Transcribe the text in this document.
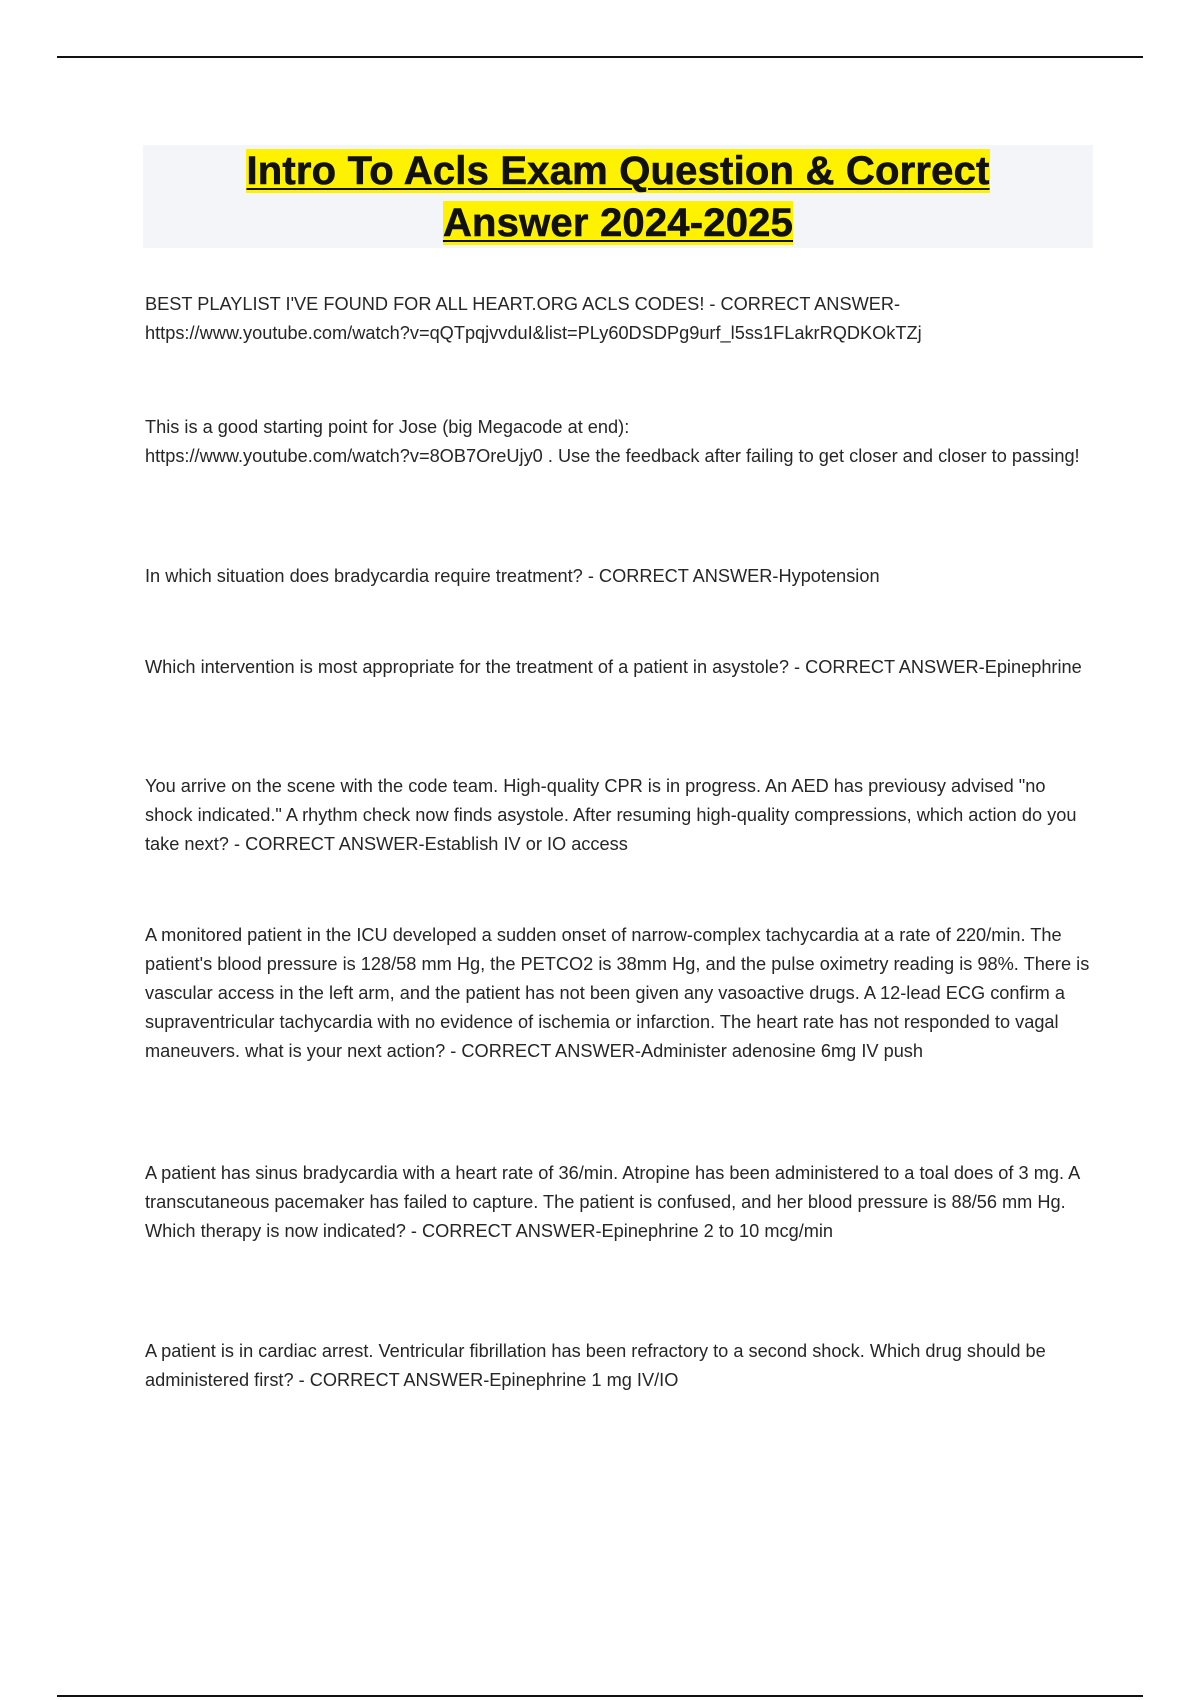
Intro To Acls Exam Question & Correct
Answer 2024-2025

BEST PLAYLIST I'VE FOUND FOR ALL HEART.ORG ACLS CODES! - CORRECT ANSWER-
https://www.youtube.com/watch?v=qQTpqjvvduI&list=PLy60DSDPg9urf_l5ss1FLakrRQDKOkTZj

This is a good starting point for Jose (big Megacode at end):
https://www.youtube.com/watch?v=8OB7OreUjy0 . Use the feedback after failing to get closer and closer to passing!

In which situation does bradycardia require treatment? - CORRECT ANSWER-Hypotension

Which intervention is most appropriate for the treatment of a patient in asystole? - CORRECT ANSWER-Epinephrine

You arrive on the scene with the code team. High-quality CPR is in progress. An AED has previousy advised "no shock indicated." A rhythm check now finds asystole. After resuming high-quality compressions, which action do you take next? - CORRECT ANSWER-Establish IV or IO access

A monitored patient in the ICU developed a sudden onset of narrow-complex tachycardia at a rate of 220/min. The patient's blood pressure is 128/58 mm Hg, the PETCO2 is 38mm Hg, and the pulse oximetry reading is 98%. There is vascular access in the left arm, and the patient has not been given any vasoactive drugs. A 12-lead ECG confirm a supraventricular tachycardia with no evidence of ischemia or infarction. The heart rate has not responded to vagal maneuvers. what is your next action? - CORRECT ANSWER-Administer adenosine 6mg IV push

A patient has sinus bradycardia with a heart rate of 36/min. Atropine has been administered to a toal does of 3 mg. A transcutaneous pacemaker has failed to capture. The patient is confused, and her blood pressure is 88/56 mm Hg. Which therapy is now indicated? - CORRECT ANSWER-Epinephrine 2 to 10 mcg/min

A patient is in cardiac arrest. Ventricular fibrillation has been refractory to a second shock. Which drug should be administered first? - CORRECT ANSWER-Epinephrine 1 mg IV/IO
